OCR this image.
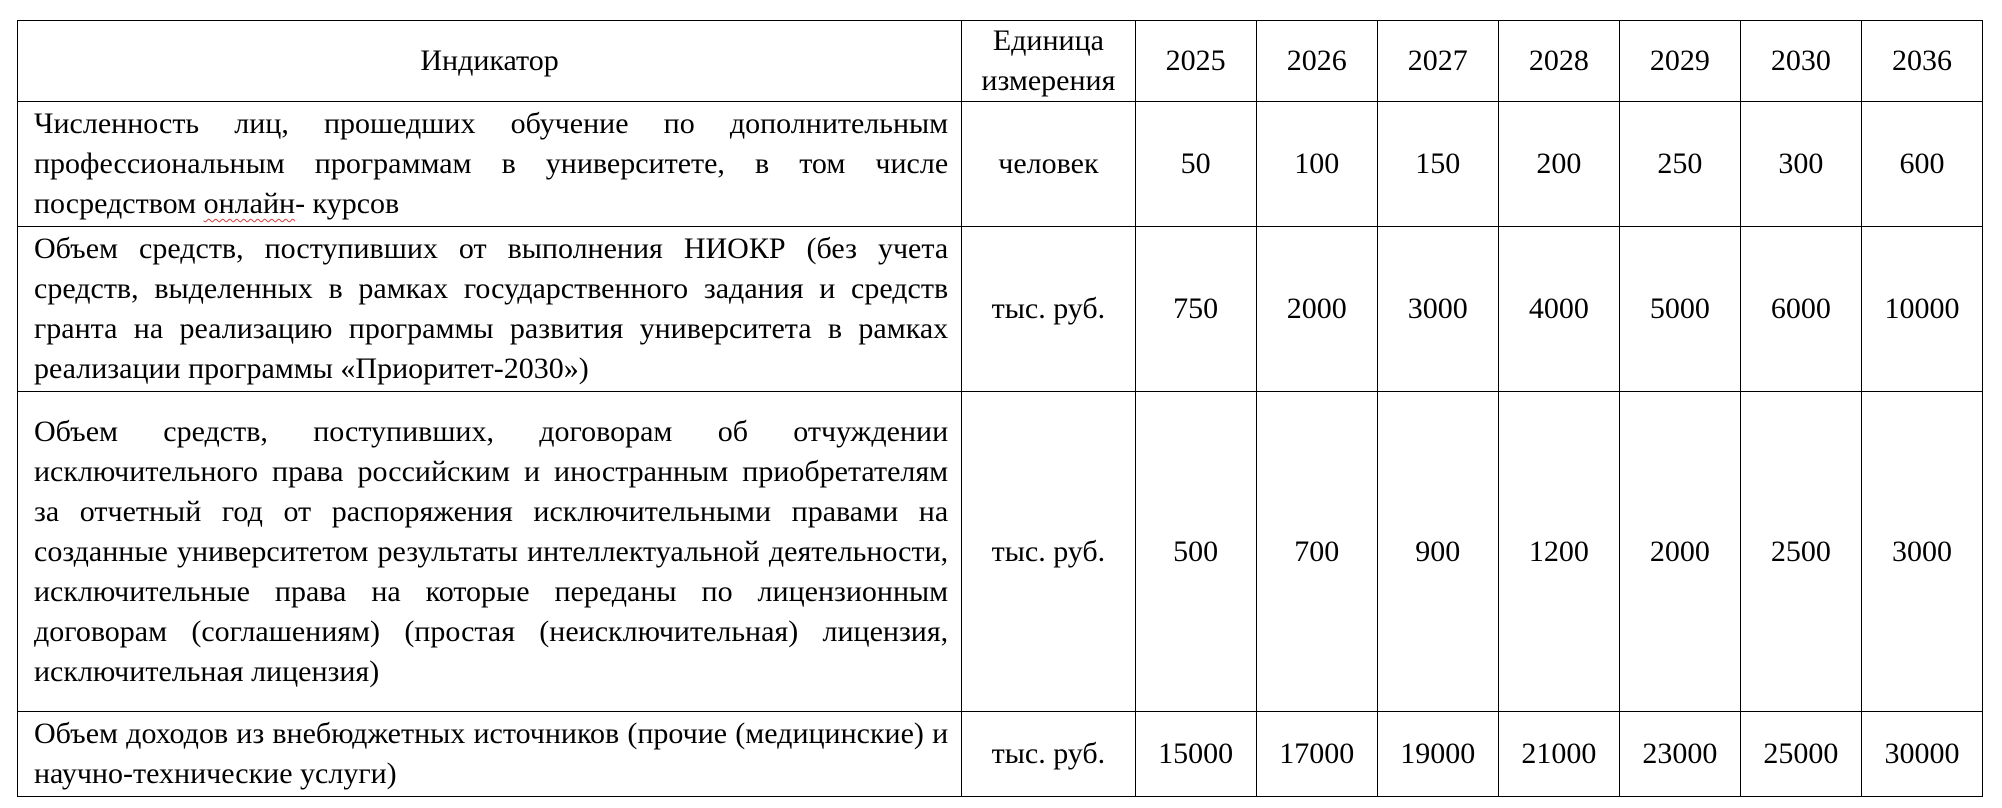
Индикатор	Единица измерения	2025	2026	2027	2028	2029	2030	2036
Численность лиц, прошедших обучение по дополнительным профессиональным программам в университете, в том числе посредством онлайн- курсов	человек	50	100	150	200	250	300	600
Объем средств, поступивших от выполнения НИОКР (без учета средств, выделенных в рамках государственного задания и средств гранта на реализацию программы развития университета в рамках реализации программы «Приоритет-2030»)	тыс. руб.	750	2000	3000	4000	5000	6000	10000
Объем средств, поступивших, договорам об отчуждении исключительного права российским и иностранным приобретателям за отчетный год от распоряжения исключительными правами на созданные университетом результаты интеллектуальной деятельности, исключительные права на которые переданы по лицензионным договорам (соглашениям) (простая (неисключительная) лицензия, исключительная лицензия)	тыс. руб.	500	700	900	1200	2000	2500	3000
Объем доходов из внебюджетных источников (прочие (медицинские) и научно-технические услуги)	тыс. руб.	15000	17000	19000	21000	23000	25000	30000
